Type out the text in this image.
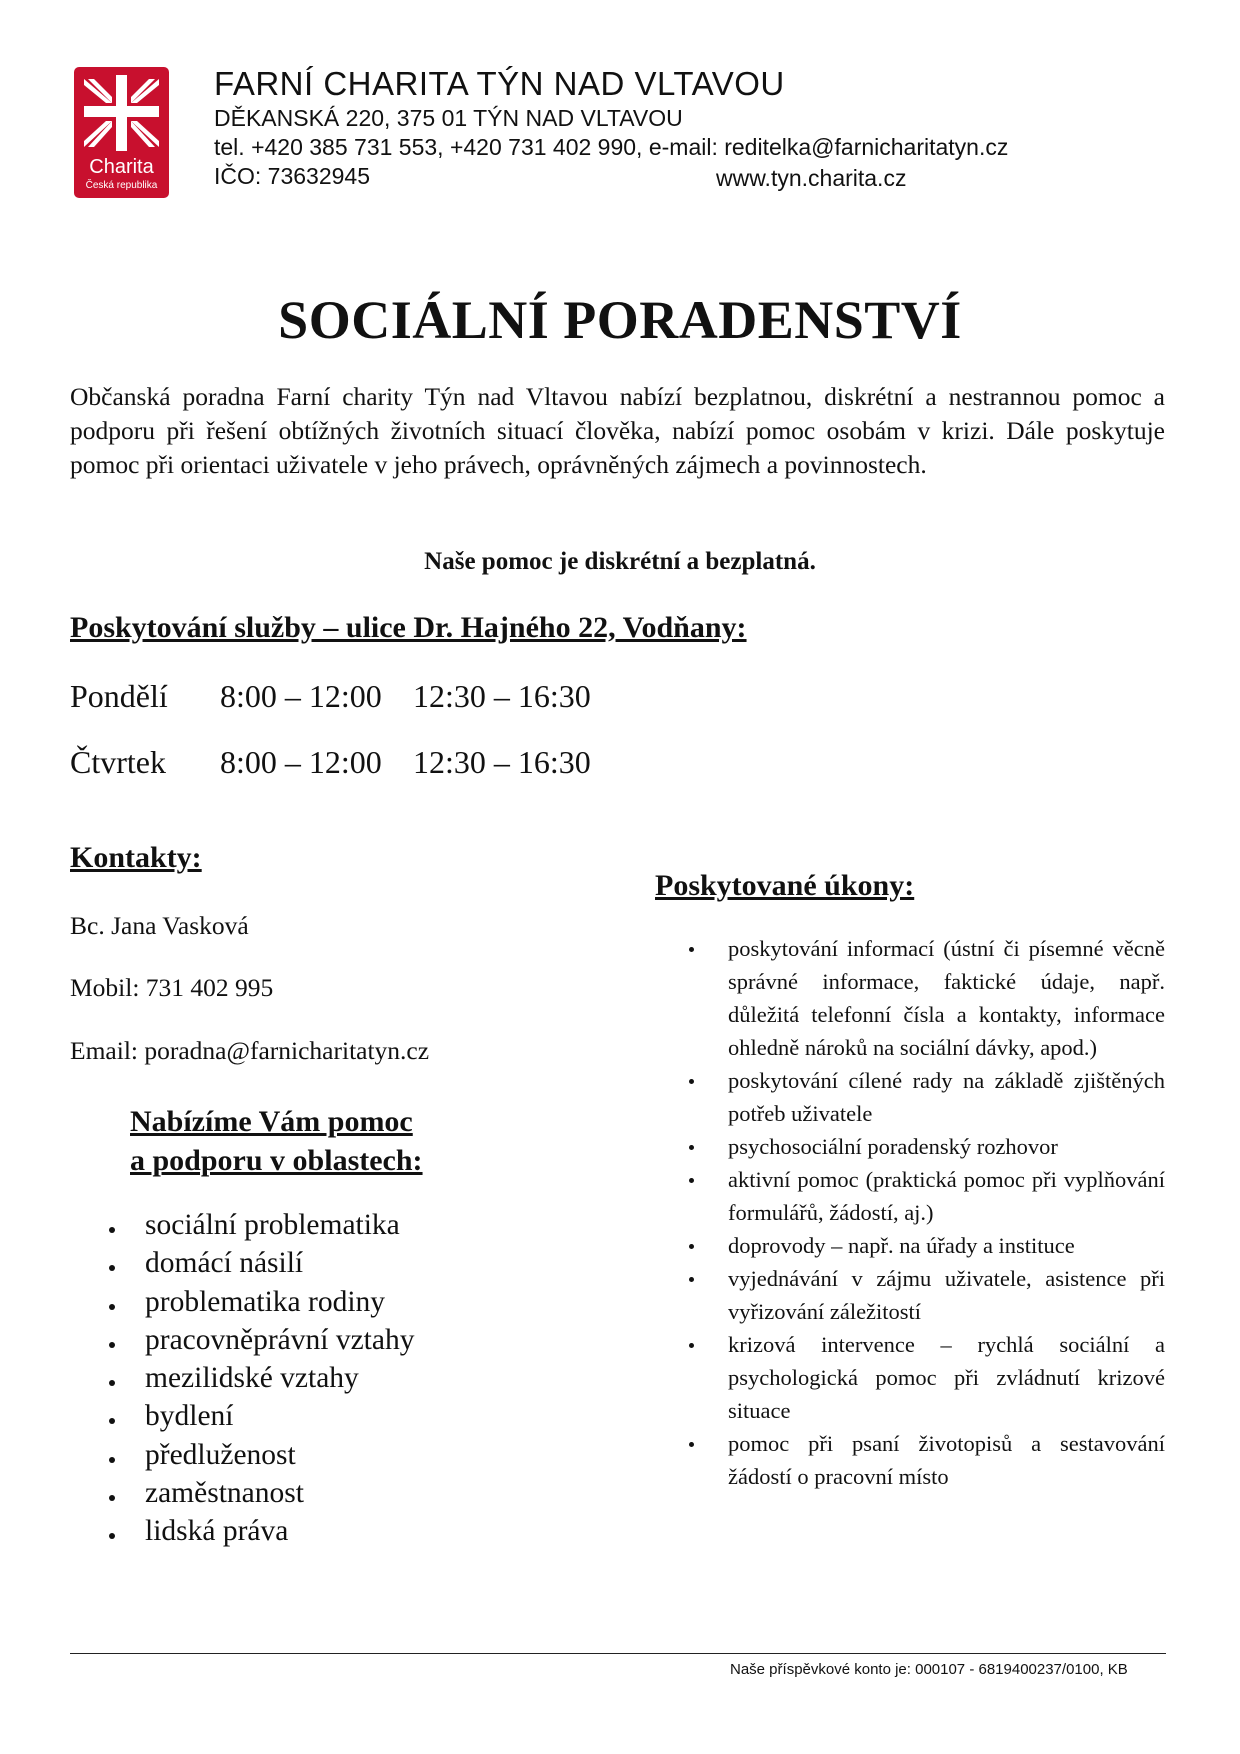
Charita
Česká republika
FARNÍ CHARITA TÝN NAD VLTAVOU
DĚKANSKÁ 220, 375 01 TÝN NAD VLTAVOU
tel. +420 385 731 553, +420 731 402 990, e-mail: reditelka@farnicharitatyn.cz
IČO: 73632945	www.tyn.charita.cz
SOCIÁLNÍ PORADENSTVÍ
Občanská poradna Farní charity Týn nad Vltavou nabízí bezplatnou, diskrétní a nestrannou pomoc a podporu při řešení obtížných životních situací člověka, nabízí pomoc osobám v krizi. Dále poskytuje pomoc při orientaci uživatele v jeho právech, oprávněných zájmech a povinnostech.
Naše pomoc je diskrétní a bezplatná.
Poskytování služby – ulice Dr. Hajného 22, Vodňany:
Pondělí 8:00 – 12:00 12:30 – 16:30
Čtvrtek 8:00 – 12:00 12:30 – 16:30
Kontakty:
Bc. Jana Vasková
Mobil: 731 402 995
Email: poradna@farnicharitatyn.cz
Nabízíme Vám pomoc
a podporu v oblastech:
sociální problematika
domácí násilí
problematika rodiny
pracovněprávní vztahy
mezilidské vztahy
bydlení
předluženost
zaměstnanost
lidská práva
Poskytované úkony:
poskytování informací (ústní či písemné věcně správné informace, faktické údaje, např. důležitá telefonní čísla a kontakty, informace ohledně nároků na sociální dávky, apod.)
poskytování cílené rady na základě zjištěných potřeb uživatele
psychosociální poradenský rozhovor
aktivní pomoc (praktická pomoc při vyplňování formulářů, žádostí, aj.)
doprovody – např. na úřady a instituce
vyjednávání v zájmu uživatele, asistence při vyřizování záležitostí
krizová intervence – rychlá sociální a psychologická pomoc při zvládnutí krizové situace
pomoc při psaní životopisů a sestavování žádostí o pracovní místo
Naše příspěvkové konto je: 000107 - 6819400237/0100, KB
